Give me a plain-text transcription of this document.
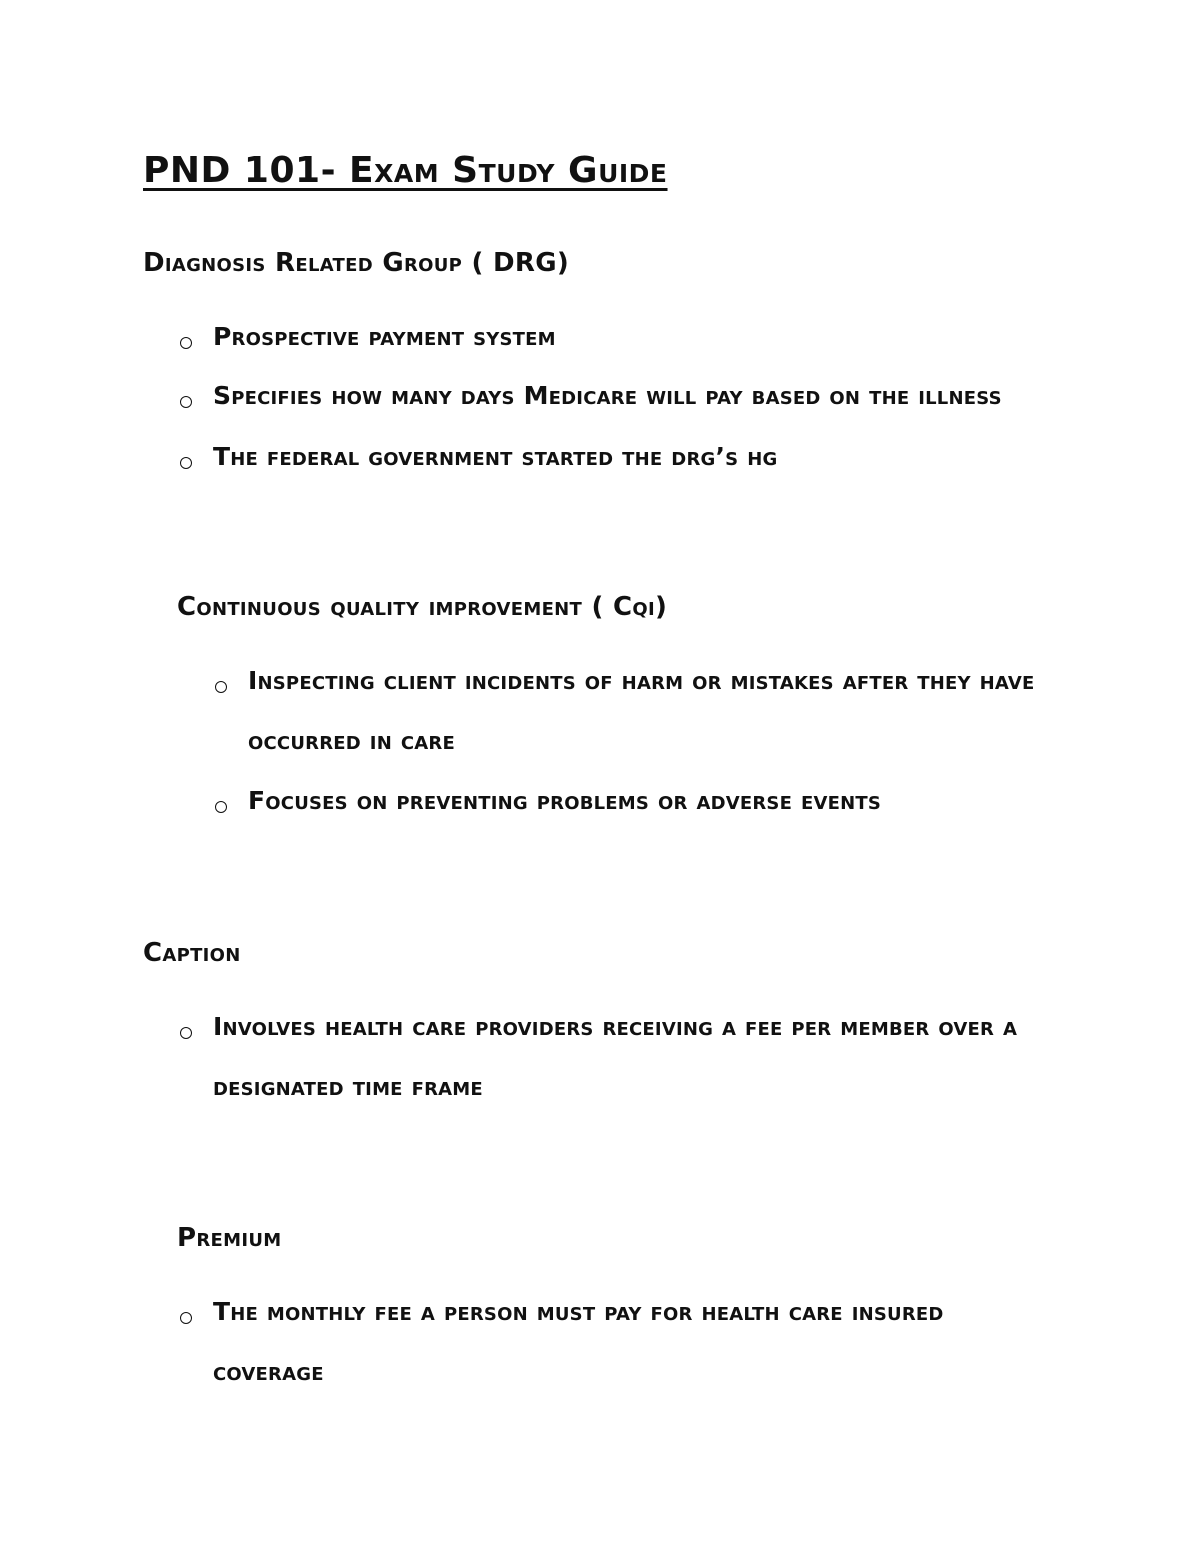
PND 101- Exam Study Guide
Diagnosis Related Group ( DRG)
Prospective payment system
Specifies how many days Medicare will pay based on the illness
The federal government started the drg’s hg
Continuous quality improvement ( Cqi)
Inspecting client incidents of harm or mistakes after they have
occurred in care
Focuses on preventing problems or adverse events
Caption
Involves health care providers receiving a fee per member over a
designated time frame
Premium
The monthly fee a person must pay for health care insured
coverage
